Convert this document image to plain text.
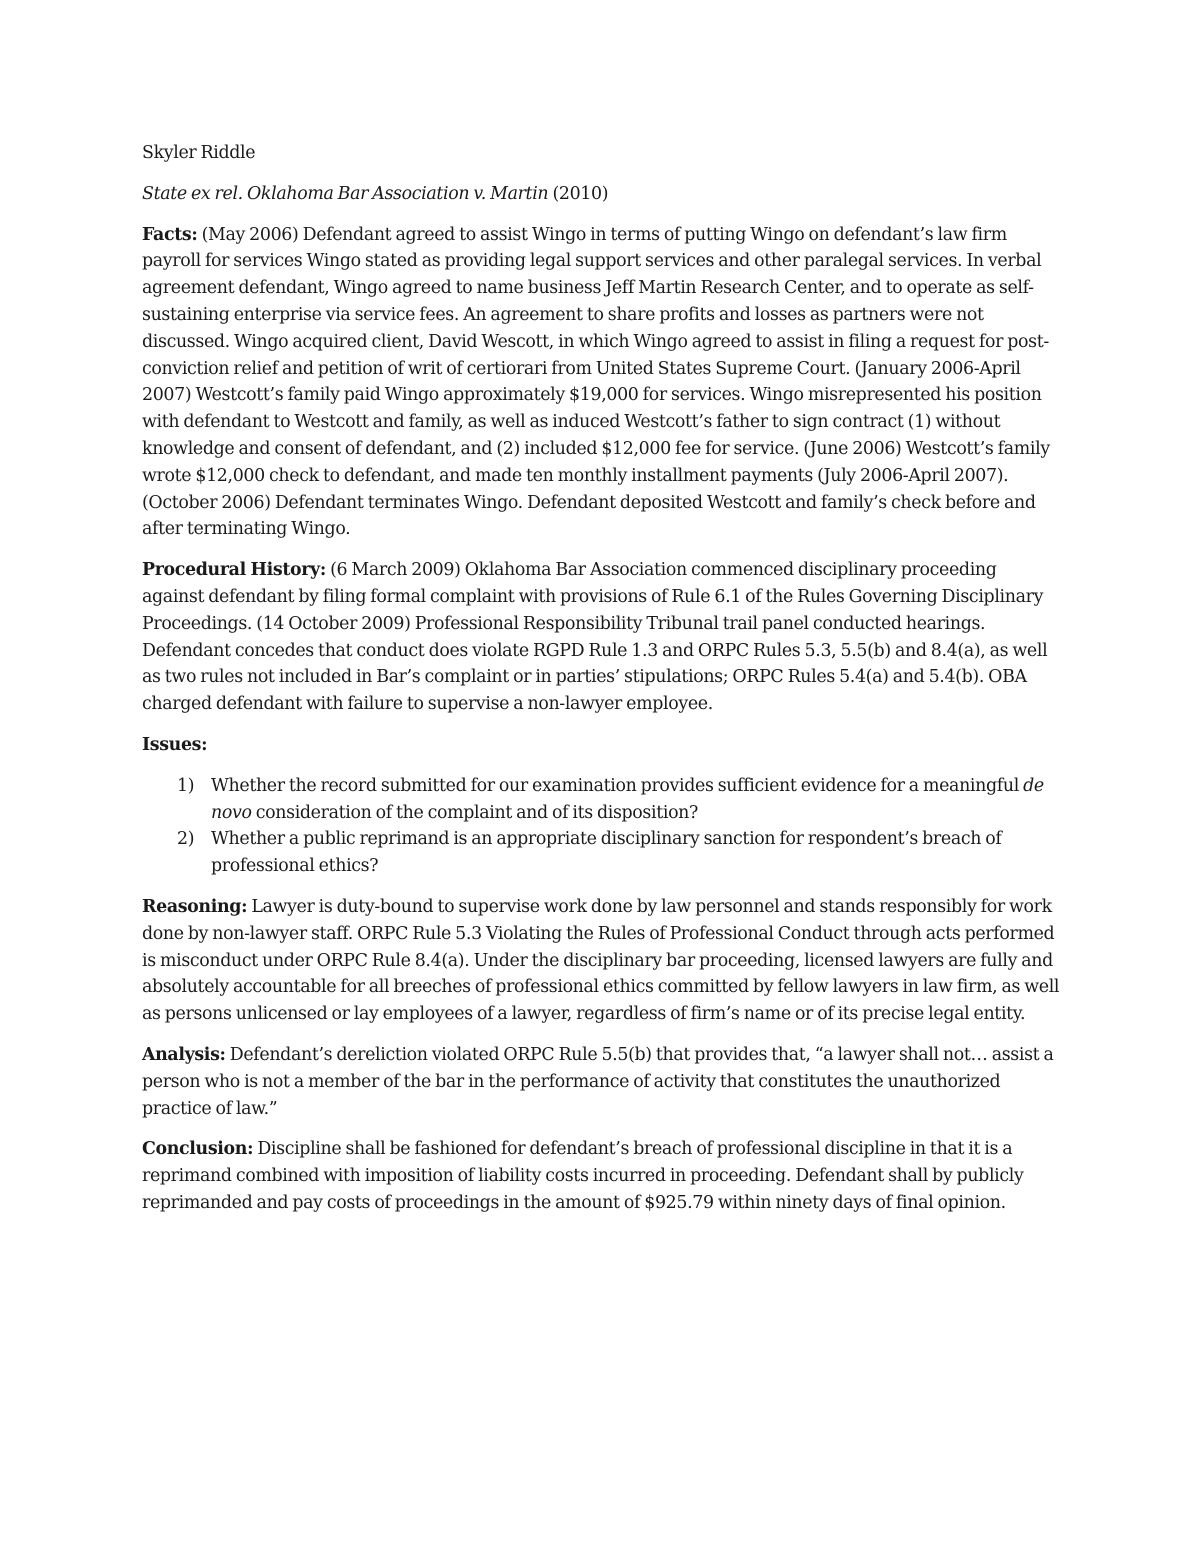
Skyler Riddle

State ex rel. Oklahoma Bar Association v. Martin (2010)

Facts: (May 2006) Defendant agreed to assist Wingo in terms of putting Wingo on defendant’s law firm payroll for services Wingo stated as providing legal support services and other paralegal services. In verbal agreement defendant, Wingo agreed to name business Jeff Martin Research Center, and to operate as self-sustaining enterprise via service fees. An agreement to share profits and losses as partners were not discussed. Wingo acquired client, David Wescott, in which Wingo agreed to assist in filing a request for post-conviction relief and petition of writ of certiorari from United States Supreme Court. (January 2006-April 2007) Westcott’s family paid Wingo approximately $19,000 for services. Wingo misrepresented his position with defendant to Westcott and family, as well as induced Westcott’s father to sign contract (1) without knowledge and consent of defendant, and (2) included $12,000 fee for service. (June 2006) Westcott’s family wrote $12,000 check to defendant, and made ten monthly installment payments (July 2006-April 2007). (October 2006) Defendant terminates Wingo. Defendant deposited Westcott and family’s check before and after terminating Wingo.

Procedural History: (6 March 2009) Oklahoma Bar Association commenced disciplinary proceeding against defendant by filing formal complaint with provisions of Rule 6.1 of the Rules Governing Disciplinary Proceedings. (14 October 2009) Professional Responsibility Tribunal trail panel conducted hearings. Defendant concedes that conduct does violate RGPD Rule 1.3 and ORPC Rules 5.3, 5.5(b) and 8.4(a), as well as two rules not included in Bar’s complaint or in parties’ stipulations; ORPC Rules 5.4(a) and 5.4(b). OBA charged defendant with failure to supervise a non-lawyer employee.

Issues:

1) Whether the record submitted for our examination provides sufficient evidence for a meaningful de novo consideration of the complaint and of its disposition?
2) Whether a public reprimand is an appropriate disciplinary sanction for respondent’s breach of professional ethics?

Reasoning: Lawyer is duty-bound to supervise work done by law personnel and stands responsibly for work done by non-lawyer staff. ORPC Rule 5.3 Violating the Rules of Professional Conduct through acts performed is misconduct under ORPC Rule 8.4(a). Under the disciplinary bar proceeding, licensed lawyers are fully and absolutely accountable for all breeches of professional ethics committed by fellow lawyers in law firm, as well as persons unlicensed or lay employees of a lawyer, regardless of firm’s name or of its precise legal entity.

Analysis: Defendant’s dereliction violated ORPC Rule 5.5(b) that provides that, “a lawyer shall not… assist a person who is not a member of the bar in the performance of activity that constitutes the unauthorized practice of law.”

Conclusion: Discipline shall be fashioned for defendant’s breach of professional discipline in that it is a reprimand combined with imposition of liability costs incurred in proceeding. Defendant shall by publicly reprimanded and pay costs of proceedings in the amount of $925.79 within ninety days of final opinion.
